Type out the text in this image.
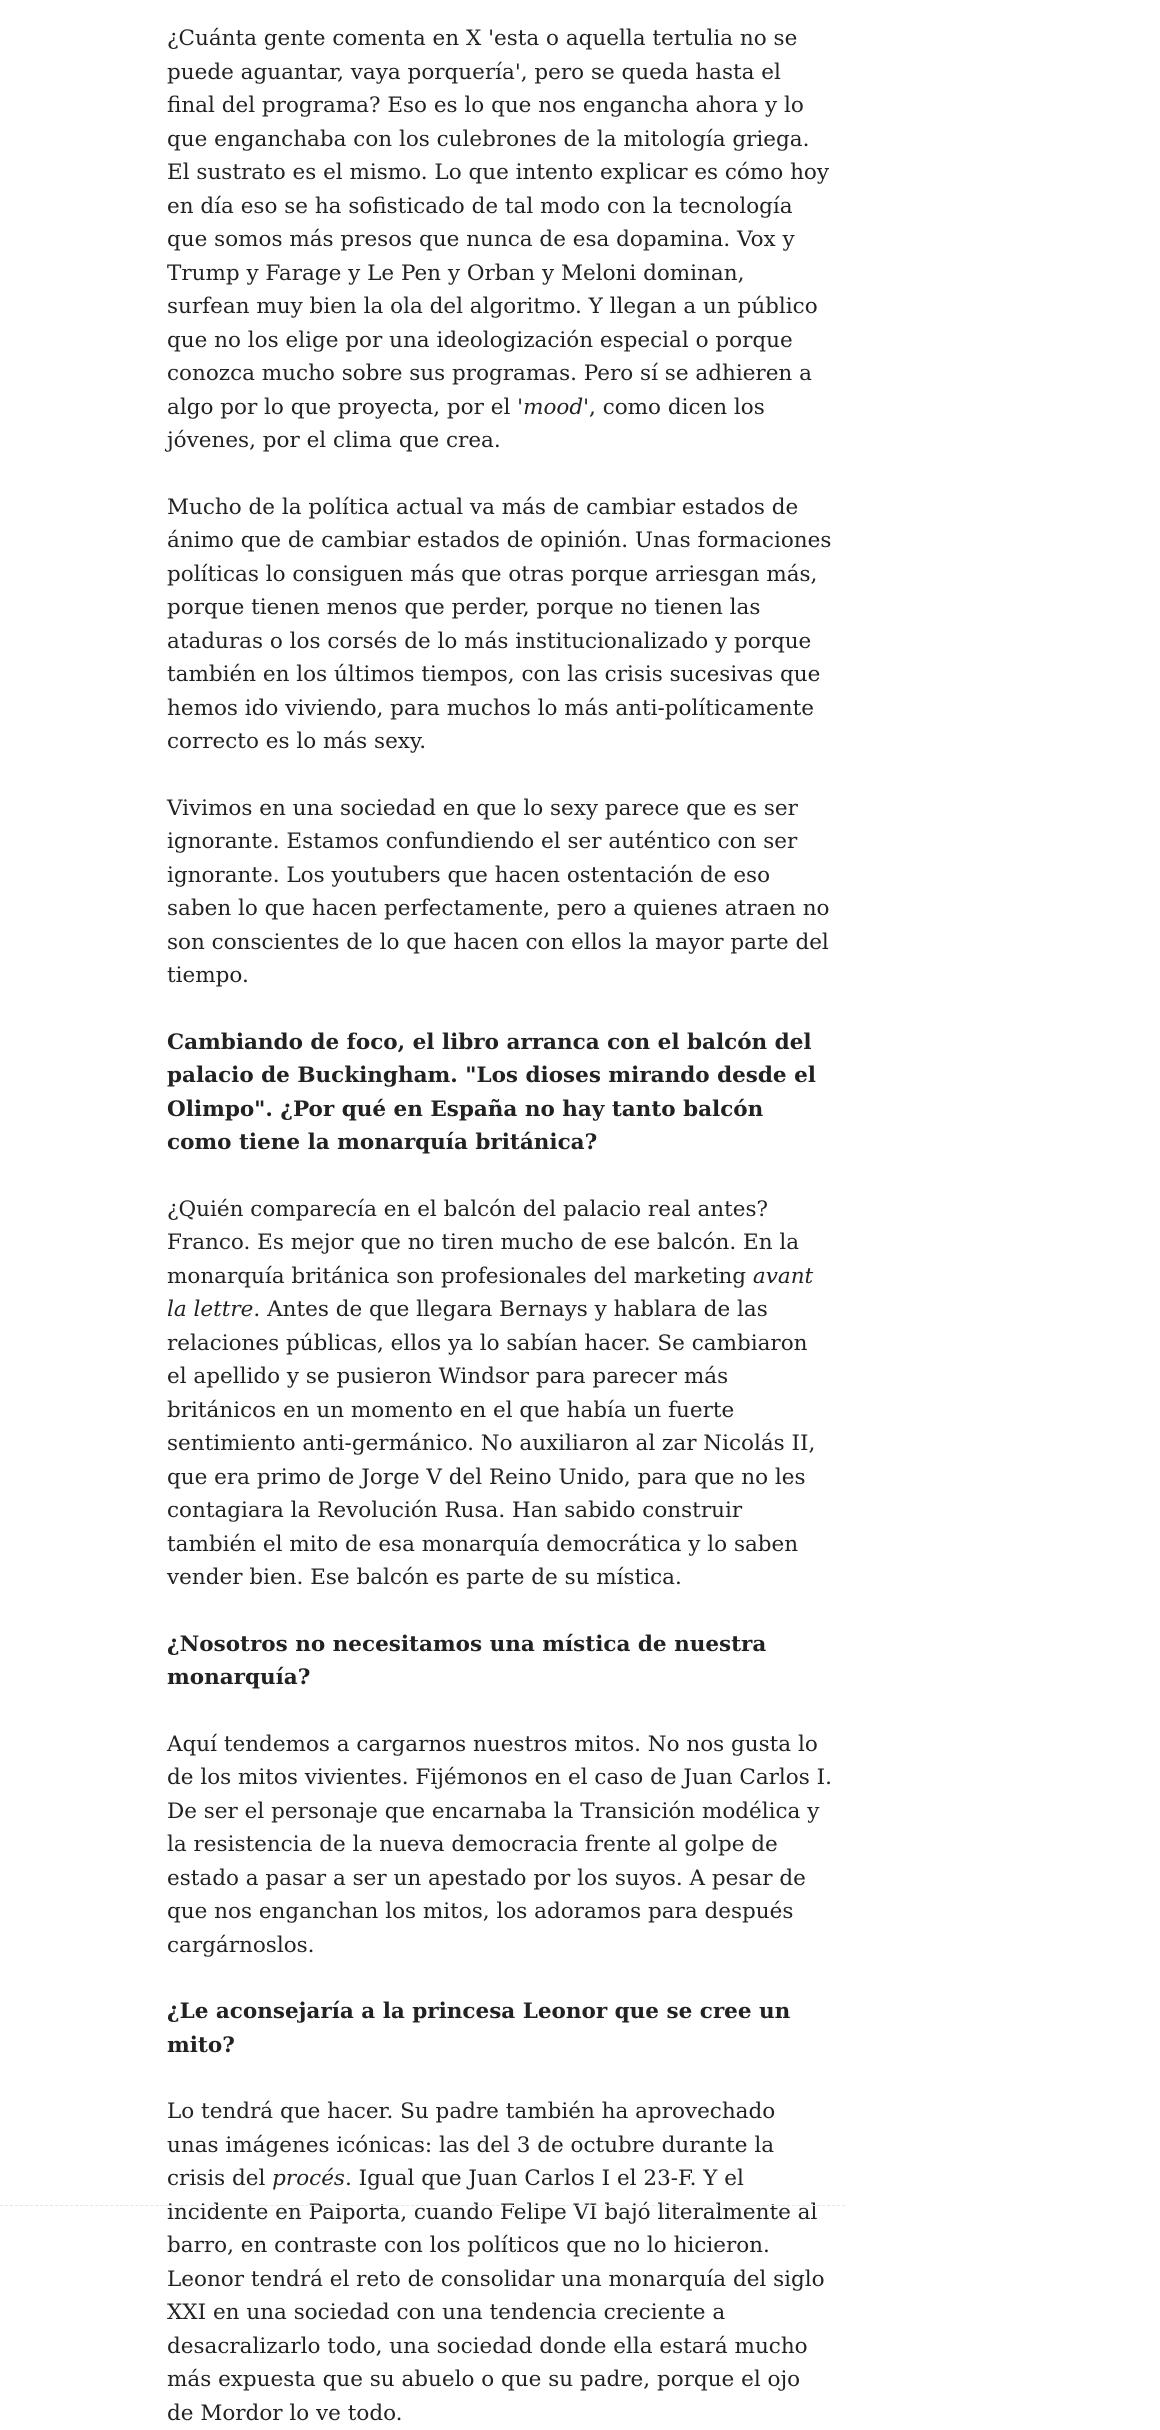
¿Cuánta gente comenta en X 'esta o aquella tertulia no se puede aguantar, vaya porquería', pero se queda hasta el final del programa? Eso es lo que nos engancha ahora y lo que enganchaba con los culebrones de la mitología griega. El sustrato es el mismo. Lo que intento explicar es cómo hoy en día eso se ha sofisticado de tal modo con la tecnología que somos más presos que nunca de esa dopamina. Vox y Trump y Farage y Le Pen y Orban y Meloni dominan, surfean muy bien la ola del algoritmo. Y llegan a un público que no los elige por una ideologización especial o porque conozca mucho sobre sus programas. Pero sí se adhieren a algo por lo que proyecta, por el 'mood', como dicen los jóvenes, por el clima que crea.

Mucho de la política actual va más de cambiar estados de ánimo que de cambiar estados de opinión. Unas formaciones políticas lo consiguen más que otras porque arriesgan más, porque tienen menos que perder, porque no tienen las ataduras o los corsés de lo más institucionalizado y porque también en los últimos tiempos, con las crisis sucesivas que hemos ido viviendo, para muchos lo más anti-políticamente correcto es lo más sexy.

Vivimos en una sociedad en que lo sexy parece que es ser ignorante. Estamos confundiendo el ser auténtico con ser ignorante. Los youtubers que hacen ostentación de eso saben lo que hacen perfectamente, pero a quienes atraen no son conscientes de lo que hacen con ellos la mayor parte del tiempo.

Cambiando de foco, el libro arranca con el balcón del palacio de Buckingham. "Los dioses mirando desde el Olimpo". ¿Por qué en España no hay tanto balcón como tiene la monarquía británica?

¿Quién comparecía en el balcón del palacio real antes? Franco. Es mejor que no tiren mucho de ese balcón. En la monarquía británica son profesionales del marketing avant la lettre. Antes de que llegara Bernays y hablara de las relaciones públicas, ellos ya lo sabían hacer. Se cambiaron el apellido y se pusieron Windsor para parecer más británicos en un momento en el que había un fuerte sentimiento anti-germánico. No auxiliaron al zar Nicolás II, que era primo de Jorge V del Reino Unido, para que no les contagiara la Revolución Rusa. Han sabido construir también el mito de esa monarquía democrática y lo saben vender bien. Ese balcón es parte de su mística.

¿Nosotros no necesitamos una mística de nuestra monarquía?

Aquí tendemos a cargarnos nuestros mitos. No nos gusta lo de los mitos vivientes. Fijémonos en el caso de Juan Carlos I. De ser el personaje que encarnaba la Transición modélica y la resistencia de la nueva democracia frente al golpe de estado a pasar a ser un apestado por los suyos. A pesar de que nos enganchan los mitos, los adoramos para después cargárnoslos.

¿Le aconsejaría a la princesa Leonor que se cree un mito?

Lo tendrá que hacer. Su padre también ha aprovechado unas imágenes icónicas: las del 3 de octubre durante la crisis del procés. Igual que Juan Carlos I el 23-F. Y el incidente en Paiporta, cuando Felipe VI bajó literalmente al barro, en contraste con los políticos que no lo hicieron. Leonor tendrá el reto de consolidar una monarquía del siglo XXI en una sociedad con una tendencia creciente a desacralizarlo todo, una sociedad donde ella estará mucho más expuesta que su abuelo o que su padre, porque el ojo de Mordor lo ve todo.
